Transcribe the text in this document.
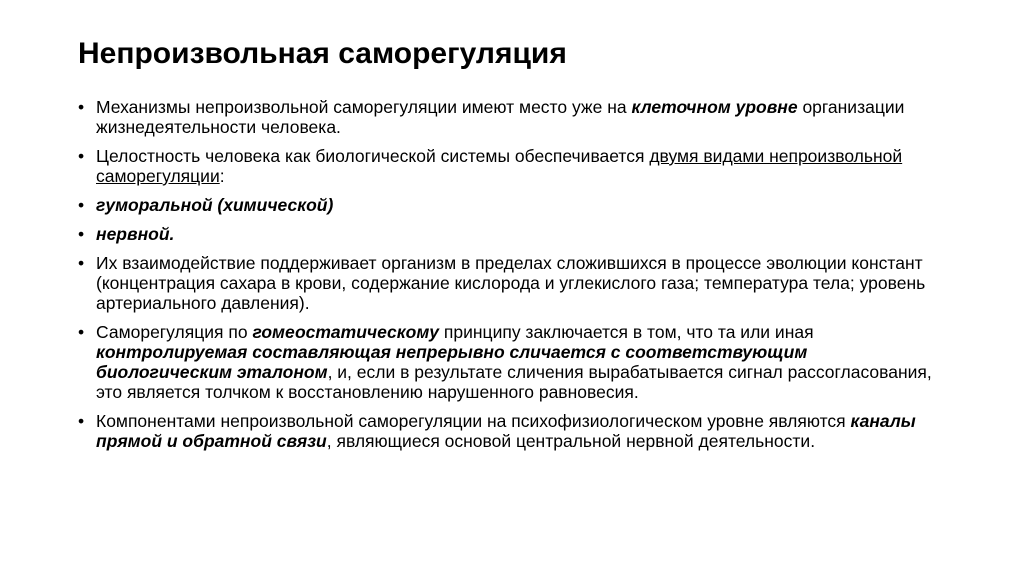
Непроизвольная саморегуляция
• Механизмы непроизвольной саморегуляции имеют место уже на клеточном уровне организации жизнедеятельности человека.
• Целостность человека как биологической системы обеспечивается двумя видами непроизвольной саморегуляции:
• гуморальной (химической)
• нервной.
• Их взаимодействие поддерживает организм в пределах сложившихся в процессе эволюции констант (концентрация сахара в крови, содержание кислорода и углекислого газа; температура тела; уровень артериального давления).
• Саморегуляция по гомеостатическому принципу заключается в том, что та или иная контролируемая составляющая непрерывно сличается с соответствующим биологическим эталоном, и, если в результате сличения вырабатывается сигнал рассогласования, это является толчком к восстановлению нарушенного равновесия.
• Компонентами непроизвольной саморегуляции на психофизиологическом уровне являются каналы прямой и обратной связи, являющиеся основой центральной нервной деятельности.
